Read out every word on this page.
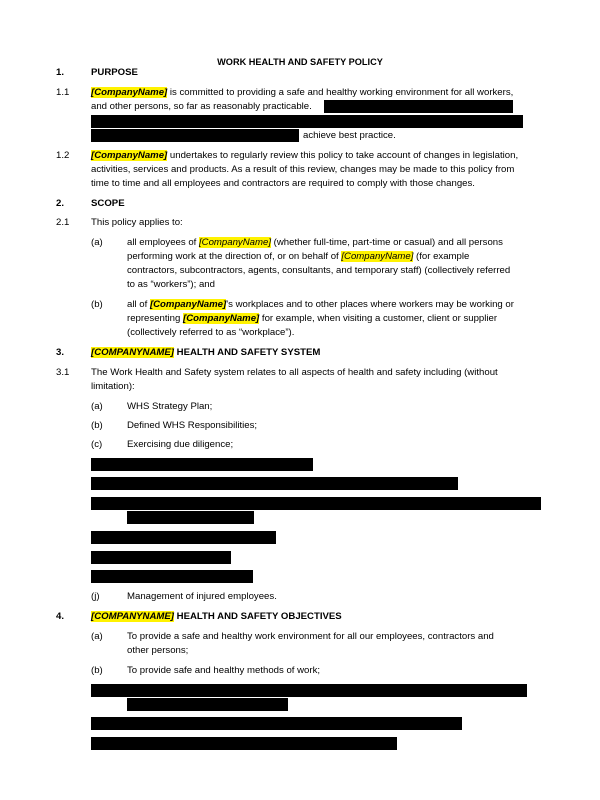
WORK HEALTH AND SAFETY POLICY
1.	PURPOSE
1.1 [CompanyName] is committed to providing a safe and healthy working environment for all workers,
and other persons, so far as reasonably practicable.
achieve best practice.
1.2 [CompanyName] undertakes to regularly review this policy to take account of changes in legislation,
activities, services and products. As a result of this review, changes may be made to this policy from
time to time and all employees and contractors are required to comply with those changes.
2.	SCOPE
2.1 This policy applies to:
(a)	all employees of [CompanyName] (whether full-time, part-time or casual) and all persons
performing work at the direction of, or on behalf of [CompanyName] (for example
contractors, subcontractors, agents, consultants, and temporary staff) (collectively referred
to as “workers”); and
(b)	all of [CompanyName]’s workplaces and to other places where workers may be working or
representing [CompanyName] for example, when visiting a customer, client or supplier
(collectively referred to as “workplace”).
3.	[COMPANYNAME] HEALTH AND SAFETY SYSTEM
3.1 The Work Health and Safety system relates to all aspects of health and safety including (without
limitation):
(a)	WHS Strategy Plan;
(b)	Defined WHS Responsibilities;
(c)	Exercising due diligence;
(j)	Management of injured employees.
4.	[COMPANYNAME] HEALTH AND SAFETY OBJECTIVES
(a)	To provide a safe and healthy work environment for all our employees, contractors and
other persons;
(b)	To provide safe and healthy methods of work;
